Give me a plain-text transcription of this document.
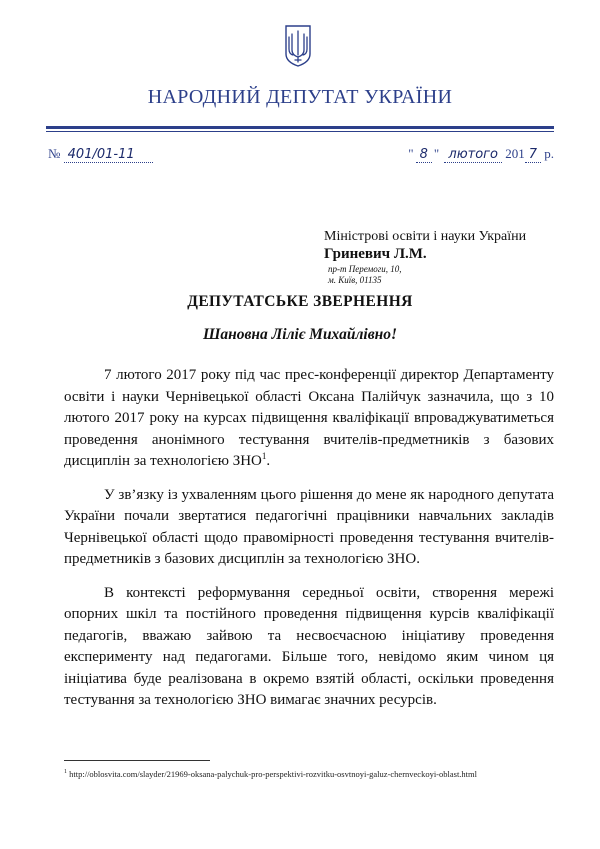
НАРОДНИЙ ДЕПУТАТ УКРАЇНИ
№ 401/01-11	" 8 " лютого 201 7 р.
Міністрові освіти і науки України
Гриневич Л.М.
пр-т Перемоги, 10,
м. Київ, 01135
ДЕПУТАТСЬКЕ ЗВЕРНЕННЯ
Шановна Ліліє Михайлівно!

7 лютого 2017 року під час прес-конференції директор Департаменту освіти і науки Чернівецької області Оксана Палійчук зазначила, що з 10 лютого 2017 року на курсах підвищення кваліфікації впроваджуватиметься проведення анонімного тестування вчителів-предметників з базових дисциплін за технологією ЗНО$^1$.

У зв’язку із ухваленням цього рішення до мене як народного депутата України почали звертатися педагогічні працівники навчальних закладів Чернівецької області щодо правомірності проведення тестування вчителів-предметників з базових дисциплін за технологією ЗНО.

В контексті реформування середньої освіти, створення мережі опорних шкіл та постійного проведення підвищення курсів кваліфікації педагогів, вважаю зайвою та несвоєчасною ініціативу проведення експерименту над педагогами. Більше того, невідомо яким чином ця ініціатива буде реалізована в окремо взятій області, оскільки проведення тестування за технологією ЗНО вимагає значних ресурсів.

$^1$ http://oblosvita.com/slayder/21969-oksana-palychuk-pro-perspektivi-rozvitku-osvtnoyi-galuz-chernveckoyi-oblast.html
